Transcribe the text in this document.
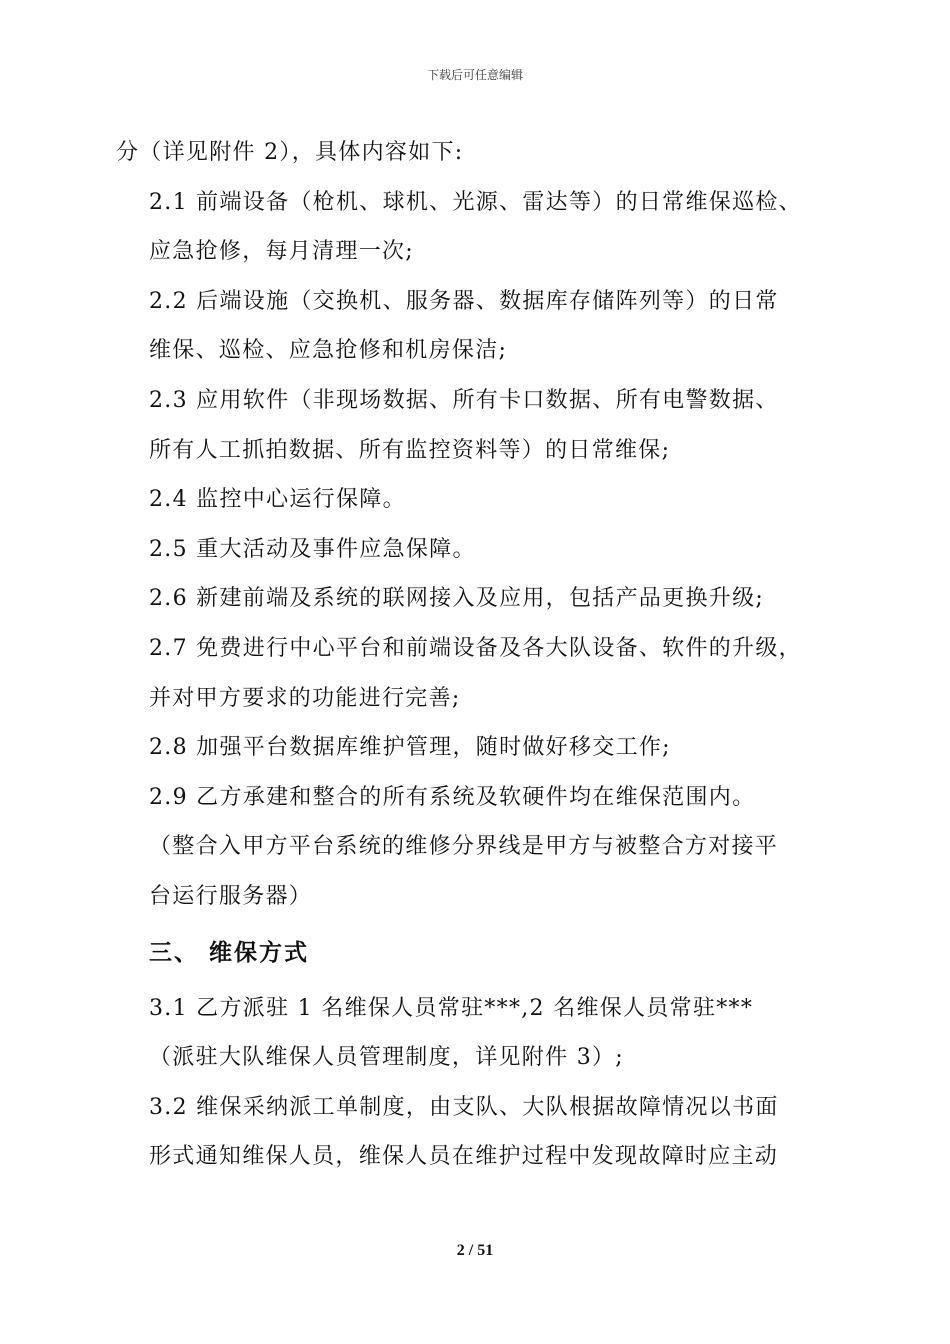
下载后可任意编辑
分（详见附件 2），具体内容如下:
2.1 前端设备（枪机、球机、光源、雷达等）的日常维保巡检、
应急抢修，每月清理一次;
2.2 后端设施（交换机、服务器、数据库存储阵列等）的日常
维保、巡检、应急抢修和机房保洁;
2.3 应用软件（非现场数据、所有卡口数据、所有电警数据、
所有人工抓拍数据、所有监控资料等）的日常维保;
2.4 监控中心运行保障。
2.5 重大活动及事件应急保障。
2.6 新建前端及系统的联网接入及应用，包括产品更换升级;
2.7 免费进行中心平台和前端设备及各大队设备、软件的升级，
并对甲方要求的功能进行完善;
2.8 加强平台数据库维护管理，随时做好移交工作;
2.9 乙方承建和整合的所有系统及软硬件均在维保范围内。
（整合入甲方平台系统的维修分界线是甲方与被整合方对接平
台运行服务器）
三、 维保方式
3.1 乙方派驻 1 名维保人员常驻***,2 名维保人员常驻***
（派驻大队维保人员管理制度，详见附件 3）;
3.2 维保采纳派工单制度，由支队、大队根据故障情况以书面
形式通知维保人员，维保人员在维护过程中发现故障时应主动
2 / 51
